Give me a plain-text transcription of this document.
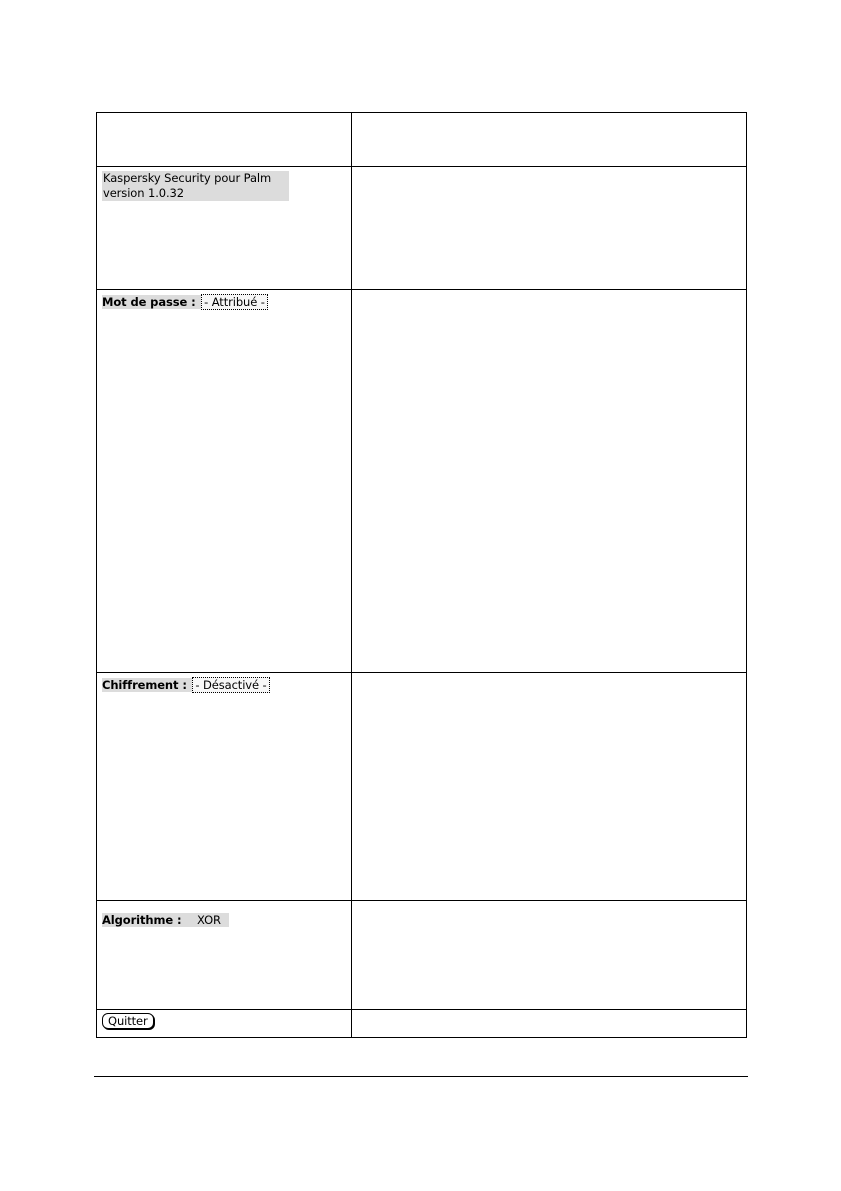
Kaspersky Security pour Palm
version 1.0.32	

Mot de passe : - Attribué -	

Chiffrement : - Désactivé -	

Algorithme : XOR	

Quitter	
